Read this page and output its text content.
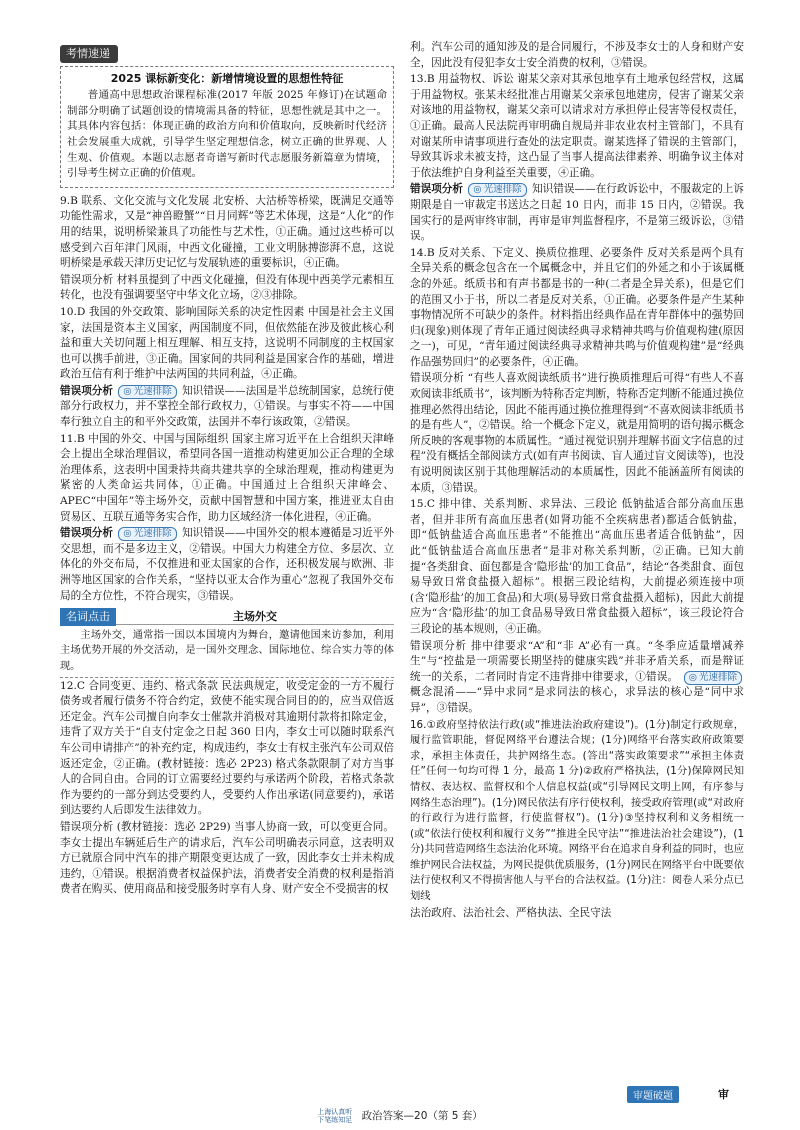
考情速递
2025 课标新变化：新增情境设置的思想性特征

普通高中思想政治课程标准(2017 年版 2025 年修订)在试题命制部分明确了试题创设的情境需具备的特征，思想性就是其中之一。其具体内容包括：体现正确的政治方向和价值取向，反映新时代经济社会发展重大成就，引导学生坚定理想信念，树立正确的世界观、人生观、价值观。本题以志愿者奇谱写新时代志愿服务新篇章为情境，引导考生树立正确的价值观。

9.B 联系、文化交流与文化发展 北安桥、大沽桥等桥梁，既满足交通等功能性需求，又是“神兽瞪蟹”“日月同辉”等艺术体现，这是“人化”的作用的结果，说明桥梁兼具了功能性与艺术性，①正确。通过这些桥可以感受到六百年津门风雨，中西文化碰撞，工业文明脉搏澎湃不息，这说明桥梁是承载天津历史记忆与发展轨迹的重要标识，④正确。

错误项分析 材料虽提到了中西文化碰撞，但没有体现中西美学元素相互转化，也没有强调要坚守中华文化立场，②③排除。

10.D 我国的外交政策、影响国际关系的决定性因素 中国是社会主义国家，法国是资本主义国家，两国制度不同，但依然能在涉及彼此核心利益和重大关切问题上相互理解、相互支持，这说明不同制度的主权国家也可以携手前进，③正确。国家间的共同利益是国家合作的基础，增进政治互信有利于维护中法两国的共同利益，④正确。

错误项分析 ◎ 光速排除 知识错误——法国是半总统制国家，总统行使部分行政权力，并不掌控全部行政权力，①错误。与事实不符——中国奉行独立自主的和平外交政策，法国并不奉行该政策，②错误。

11.B 中国的外交、中国与国际组织 国家主席习近平在上合组织天津峰会上提出全球治理倡议，希望同各国一道推动构建更加公正合理的全球治理体系，这表明中国秉持共商共建共享的全球治理观，推动构建更为紧密的人类命运共同体，①正确。中国通过上合组织天津峰会、APEC“中国年”等主场外交，贡献中国智慧和中国方案，推进亚太自由贸易区、互联互通等务实合作，助力区域经济一体化进程，④正确。

错误项分析 ◎ 光速排除 知识错误——中国外交的根本遵循是习近平外交思想，而不是多边主义，②错误。中国大力构建全方位、多层次、立体化的外交布局，不仅推进和亚太国家的合作，还积极发展与欧洲、非洲等地区国家的合作关系，“坚持以亚太合作为重心”忽视了我国外交布局的全方位性，不符合现实，③错误。

名词点击	主场外交

主场外交，通常指一国以本国境内为舞台，邀请他国来访参加，利用主场优势开展的外交活动，是一国外交理念、国际地位、综合实力等的体现。

12.C 合同变更、违约、格式条款 民法典规定，收受定金的一方不履行债务或者履行债务不符合约定，致使不能实现合同目的的，应当双倍返还定金。汽车公司擅自向李女士催款并消极对其逾期付款将扣除定金，违背了双方关于“自支付定金之日起 360 日内，李女士可以随时联系汽车公司申请排产”的补充约定，构成违约，李女士有权主张汽车公司双倍返还定金，②正确。(教材链接：选必 2P23) 格式条款限制了对方当事人的合同自由。合同的订立需要经过要约与承诺两个阶段，若格式条款作为要约的一部分到达受要约人，受要约人作出承诺(同意要约)，承诺到达要约人后即发生法律效力。

错误项分析 (教材链接：选必 2P29) 当事人协商一致，可以变更合同。李女士提出车辆延后生产的请求后，汽车公司明确表示同意，这表明双方已就原合同中汽车的排产期限变更达成了一致，因此李女士并未构成违约，①错误。根据消费者权益保护法，消费者安全消费的权利是指消费者在购买、使用商品和接受服务时享有人身、财产安全不受损害的权

利。汽车公司的通知涉及的是合同履行，不涉及李女士的人身和财产安全，因此没有侵犯李女士安全消费的权利，③错误。

13.B 用益物权、诉讼 谢某父亲对其承包地享有土地承包经营权，这属于用益物权。张某未经批准占用谢某父亲承包地建房，侵害了谢某父亲对该地的用益物权，谢某父亲可以请求对方承担停止侵害等侵权责任，①正确。最高人民法院再审明确自规局并非农业农村主管部门，不具有对谢某所申请事项进行查处的法定职责。谢某选择了错误的主管部门，导致其诉求未被支持，这凸显了当事人提高法律素养、明确争议主体对于依法维护自身利益至关重要，④正确。

错误项分析 ◎ 光速排除 知识错误——在行政诉讼中，不服裁定的上诉期限是自一审裁定书送达之日起 10 日内，而非 15 日内，②错误。我国实行的是两审终审制，再审是审判监督程序，不是第三级诉讼，③错误。

14.B 反对关系、下定义、换质位推理、必要条件 反对关系是两个具有全异关系的概念包含在一个属概念中，并且它们的外延之和小于该属概念的外延。纸质书和有声书都是书的一种(二者是全异关系)，但是它们的范围又小于书，所以二者是反对关系，①正确。必要条件是产生某种事物情况所不可缺少的条件。材料指出经典作品在青年群体中的强势回归(现象)则体现了青年正通过阅读经典寻求精神共鸣与价值观构建(原因之一)，可见，“青年通过阅读经典寻求精神共鸣与价值观构建”是“经典作品强势回归”的必要条件，④正确。

错误项分析 “有些人喜欢阅读纸质书”进行换质推理后可得“有些人不喜欢阅读非纸质书”，该判断为特称否定判断，特称否定判断不能通过换位推理必然得出结论，因此不能再通过换位推理得到“不喜欢阅读非纸质书的是有些人”，②错误。给一个概念下定义，就是用简明的语句揭示概念所反映的客观事物的本质属性。“通过视觉识别并理解书面文字信息的过程”没有概括全部阅读方式(如有声书阅读、盲人通过盲文阅读等)，也没有说明阅读区别于其他理解活动的本质属性，因此不能涵盖所有阅读的本质，③错误。

15.C 排中律、关系判断、求异法、三段论 低钠盐适合部分高血压患者，但并非所有高血压患者(如肾功能不全疾病患者)都适合低钠盐，即“低钠盐适合高血压患者”不能推出“高血压患者适合低钠盐”，因此“低钠盐适合高血压患者”是非对称关系判断，②正确。已知大前提“各类甜食、面包都是含‘隐形盐’的加工食品”，结论“各类甜食、面包易导致日常食盐摄入超标”。根据三段论结构，大前提必须连接中项(含‘隐形盐’的加工食品)和大项(易导致日常食盐摄入超标)，因此大前提应为“含‘隐形盐’的加工食品易导致日常食盐摄入超标”，该三段论符合三段论的基本规则，④正确。

错误项分析 排中律要求“A”和“非 A”必有一真。“冬季应适量增减养生”与“控盐是一项需要长期坚持的健康实践”并非矛盾关系，而是辩证统一的关系，二者同时肯定不违背排中律要求，①错误。 ◎ 光速排除 概念混淆——“异中求同”是求同法的核心，求异法的核心是“同中求异”，③错误。

16.①政府坚持依法行政(或“推进法治政府建设”)。(1分)制定行政规章，履行监管职能，督促网络平台遵法合规；(1分)网络平台落实政府政策要求，承担主体责任，共护网络生态。(答出“落实政策要求”“承担主体责任”任何一句均可得 1 分，最高 1 分)②政府严格执法，(1分)保障网民知情权、表达权、监督权和个人信息权益(或“引导网民文明上网，有序参与网络生态治理”)。(1分)网民依法有序行使权利，接受政府管理(或“对政府的行政行为进行监督，行使监督权”)。(1分)③坚持权利和义务相统一(或“依法行使权利和履行义务”“推进全民守法”“推进法治社会建设”)，(1分)共同营造网络生态法治化环境。网络平台在追求自身利益的同时，也应维护网民合法权益，为网民提供优质服务，(1分)网民在网络平台中既要依法行使权利又不得损害他人与平台的合法权益。(1分)注：阅卷人采分点已划线

法治政府、法治社会、严格执法、全民守法

审题破题	审
上海认真听
下笔练知足 政治答案—20（第 5 套）
